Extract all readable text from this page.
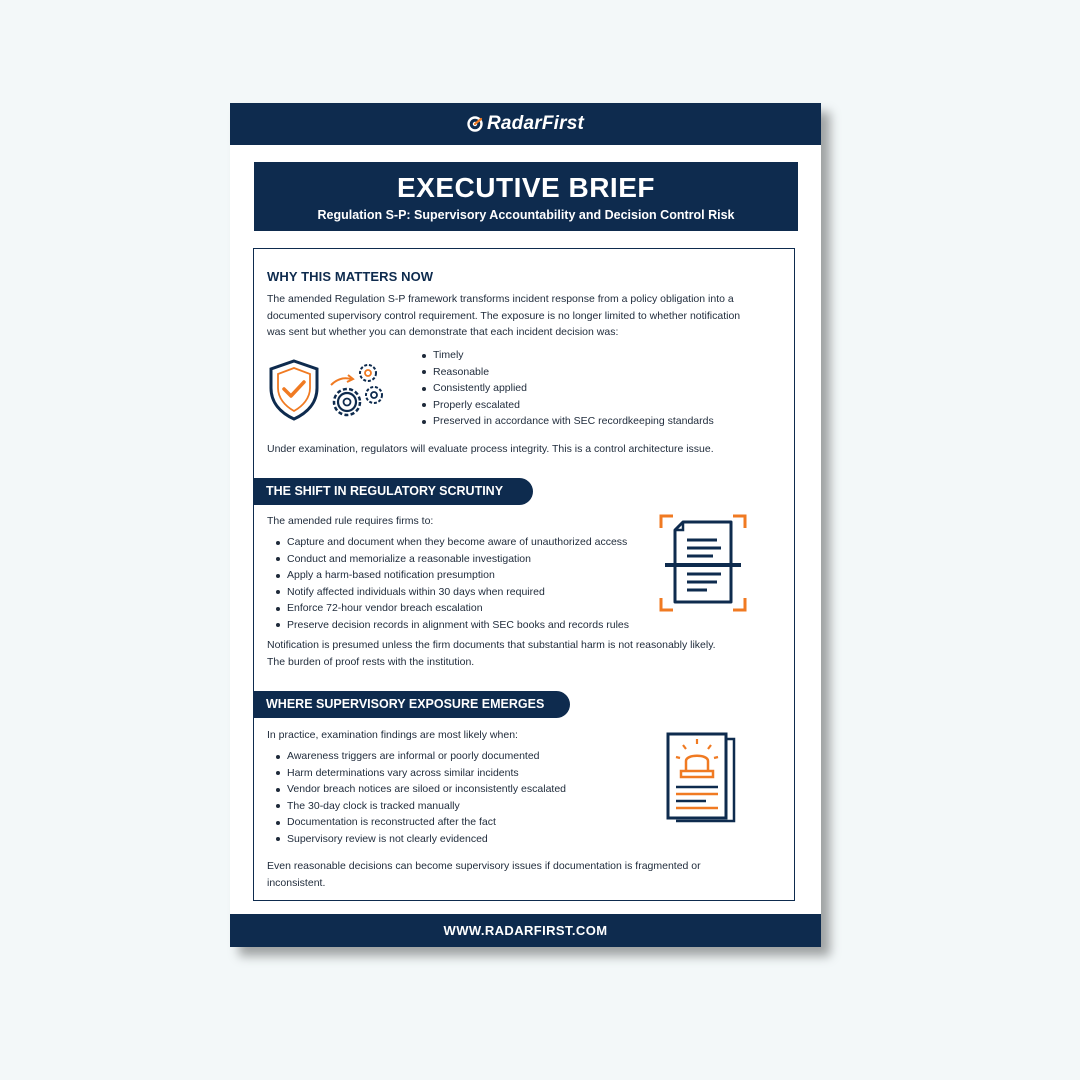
RadarFirst
EXECUTIVE BRIEF
Regulation S-P: Supervisory Accountability and Decision Control Risk
WHY THIS MATTERS NOW
The amended Regulation S-P framework transforms incident response from a policy obligation into a
documented supervisory control requirement. The exposure is no longer limited to whether notification
was sent but whether you can demonstrate that each incident decision was:
Timely
Reasonable
Consistently applied
Properly escalated
Preserved in accordance with SEC recordkeeping standards
Under examination, regulators will evaluate process integrity. This is a control architecture issue.
THE SHIFT IN REGULATORY SCRUTINY
The amended rule requires firms to:
Capture and document when they become aware of unauthorized access
Conduct and memorialize a reasonable investigation
Apply a harm-based notification presumption
Notify affected individuals within 30 days when required
Enforce 72-hour vendor breach escalation
Preserve decision records in alignment with SEC books and records rules
Notification is presumed unless the firm documents that substantial harm is not reasonably likely.
The burden of proof rests with the institution.
WHERE SUPERVISORY EXPOSURE EMERGES
In practice, examination findings are most likely when:
Awareness triggers are informal or poorly documented
Harm determinations vary across similar incidents
Vendor breach notices are siloed or inconsistently escalated
The 30-day clock is tracked manually
Documentation is reconstructed after the fact
Supervisory review is not clearly evidenced
Even reasonable decisions can become supervisory issues if documentation is fragmented or
inconsistent.
WWW.RADARFIRST.COM
